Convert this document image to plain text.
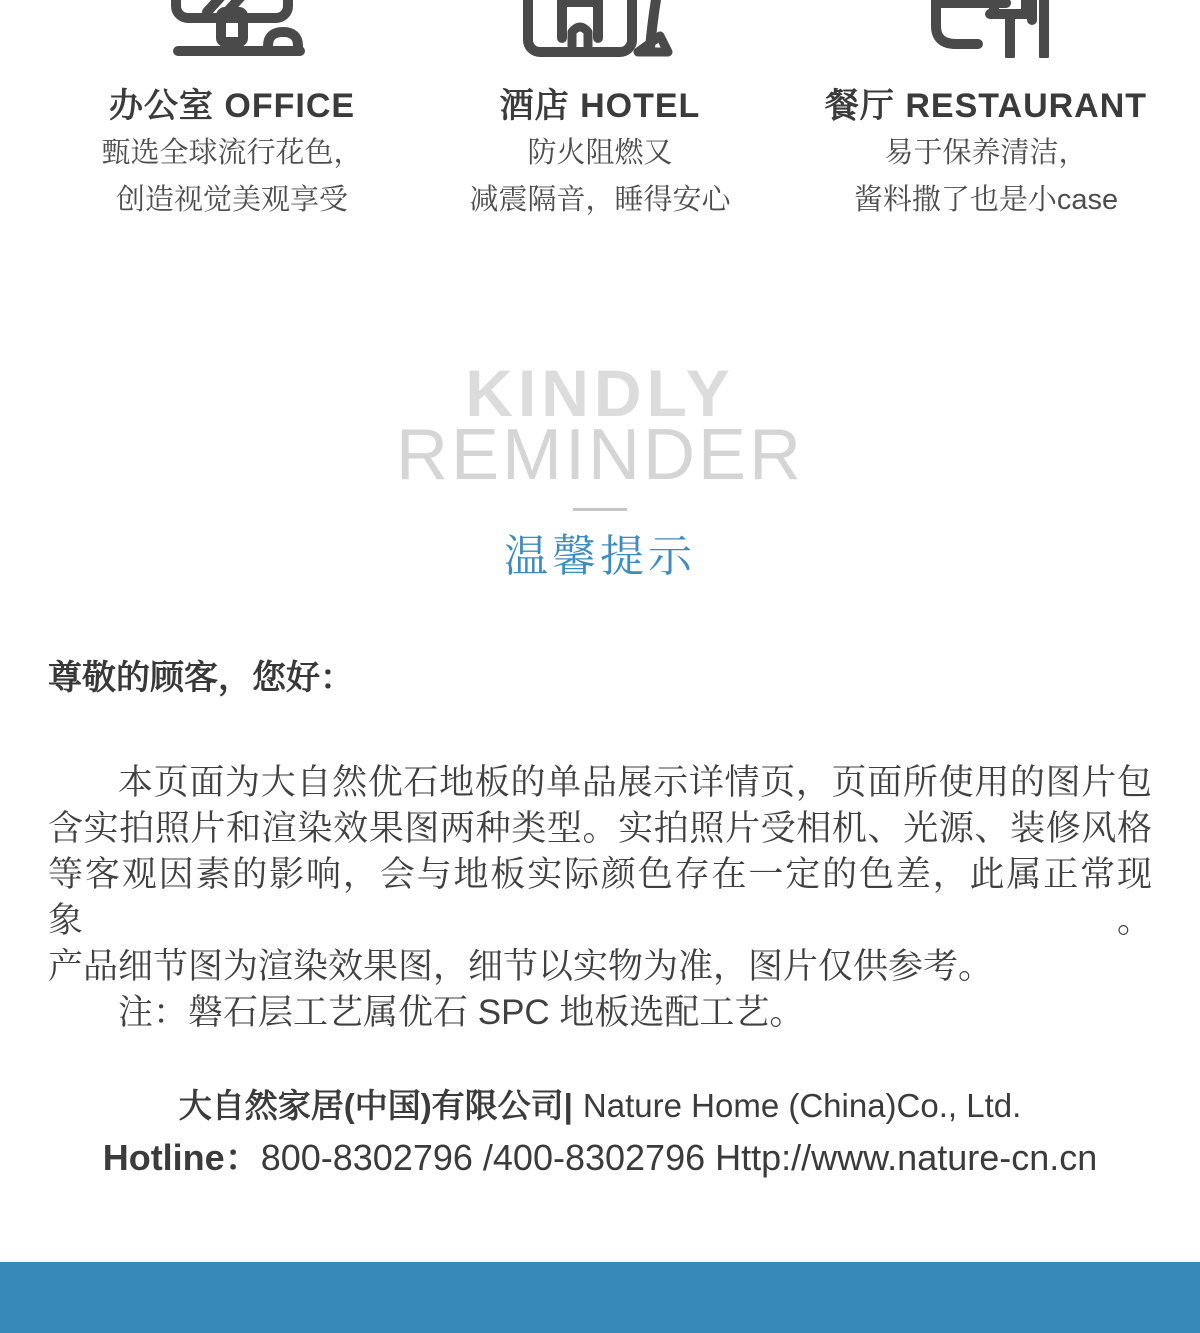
办公室 OFFICE
甄选全球流行花色，
创造视觉美观享受
酒店 HOTEL
防火阻燃又
减震隔音，睡得安心
餐厅 RESTAURANT
易于保养清洁，
酱料撒了也是小case
KINDLY
REMINDER
温馨提示
尊敬的顾客，您好：

本页面为大自然优石地板的单品展示详情页，页面所使用的图片包

含实拍照片和渲染效果图两种类型。实拍照片受相机、光源、装修风格

等客观因素的影响，会与地板实际颜色存在一定的色差，此属正常现象。

产品细节图为渲染效果图，细节以实物为准，图片仅供参考。

注：磐石层工艺属优石 SPC 地板选配工艺。

大自然家居(中国)有限公司| Nature Home (China)Co., Ltd.
Hotline：800-8302796 /400-8302796 Http://www.nature-cn.cn
